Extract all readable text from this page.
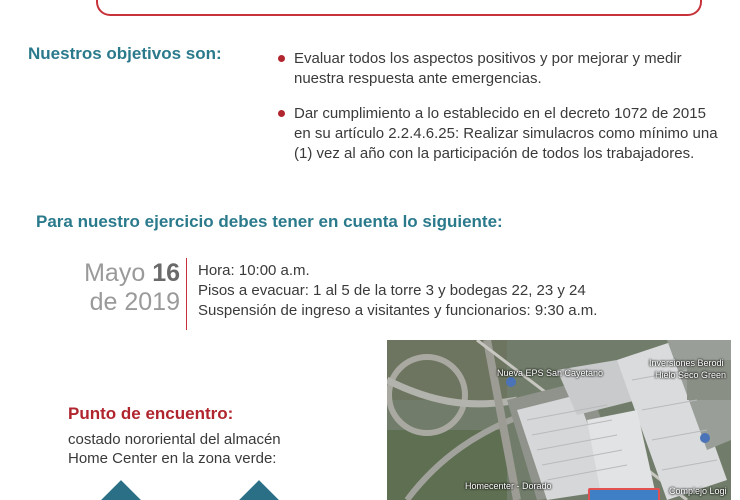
Nuestros objetivos son:	Evaluar todos los aspectos positivos y por mejorar y medir nuestra respuesta ante emergencias.
Dar cumplimiento a lo establecido en el decreto 1072 de 2015 en su artículo 2.2.4.6.25: Realizar simulacros como mínimo una (1) vez al año con la participación de todos los trabajadores.
Para nuestro ejercicio debes tener en cuenta lo siguiente:
Mayo 16
de 2019
Hora: 10:00 a.m.
Pisos a evacuar: 1 al 5 de la torre 3 y bodegas 22, 23 y 24
Suspensión de ingreso a visitantes y funcionarios: 9:30 a.m.
Punto de encuentro:
costado nororiental del almacén
Home Center en la zona verde:
Nueva EPS San Cayetano
Inversiones Berodi
Hielo Seco Green
Homecenter - Dorado	Complejo Logi
